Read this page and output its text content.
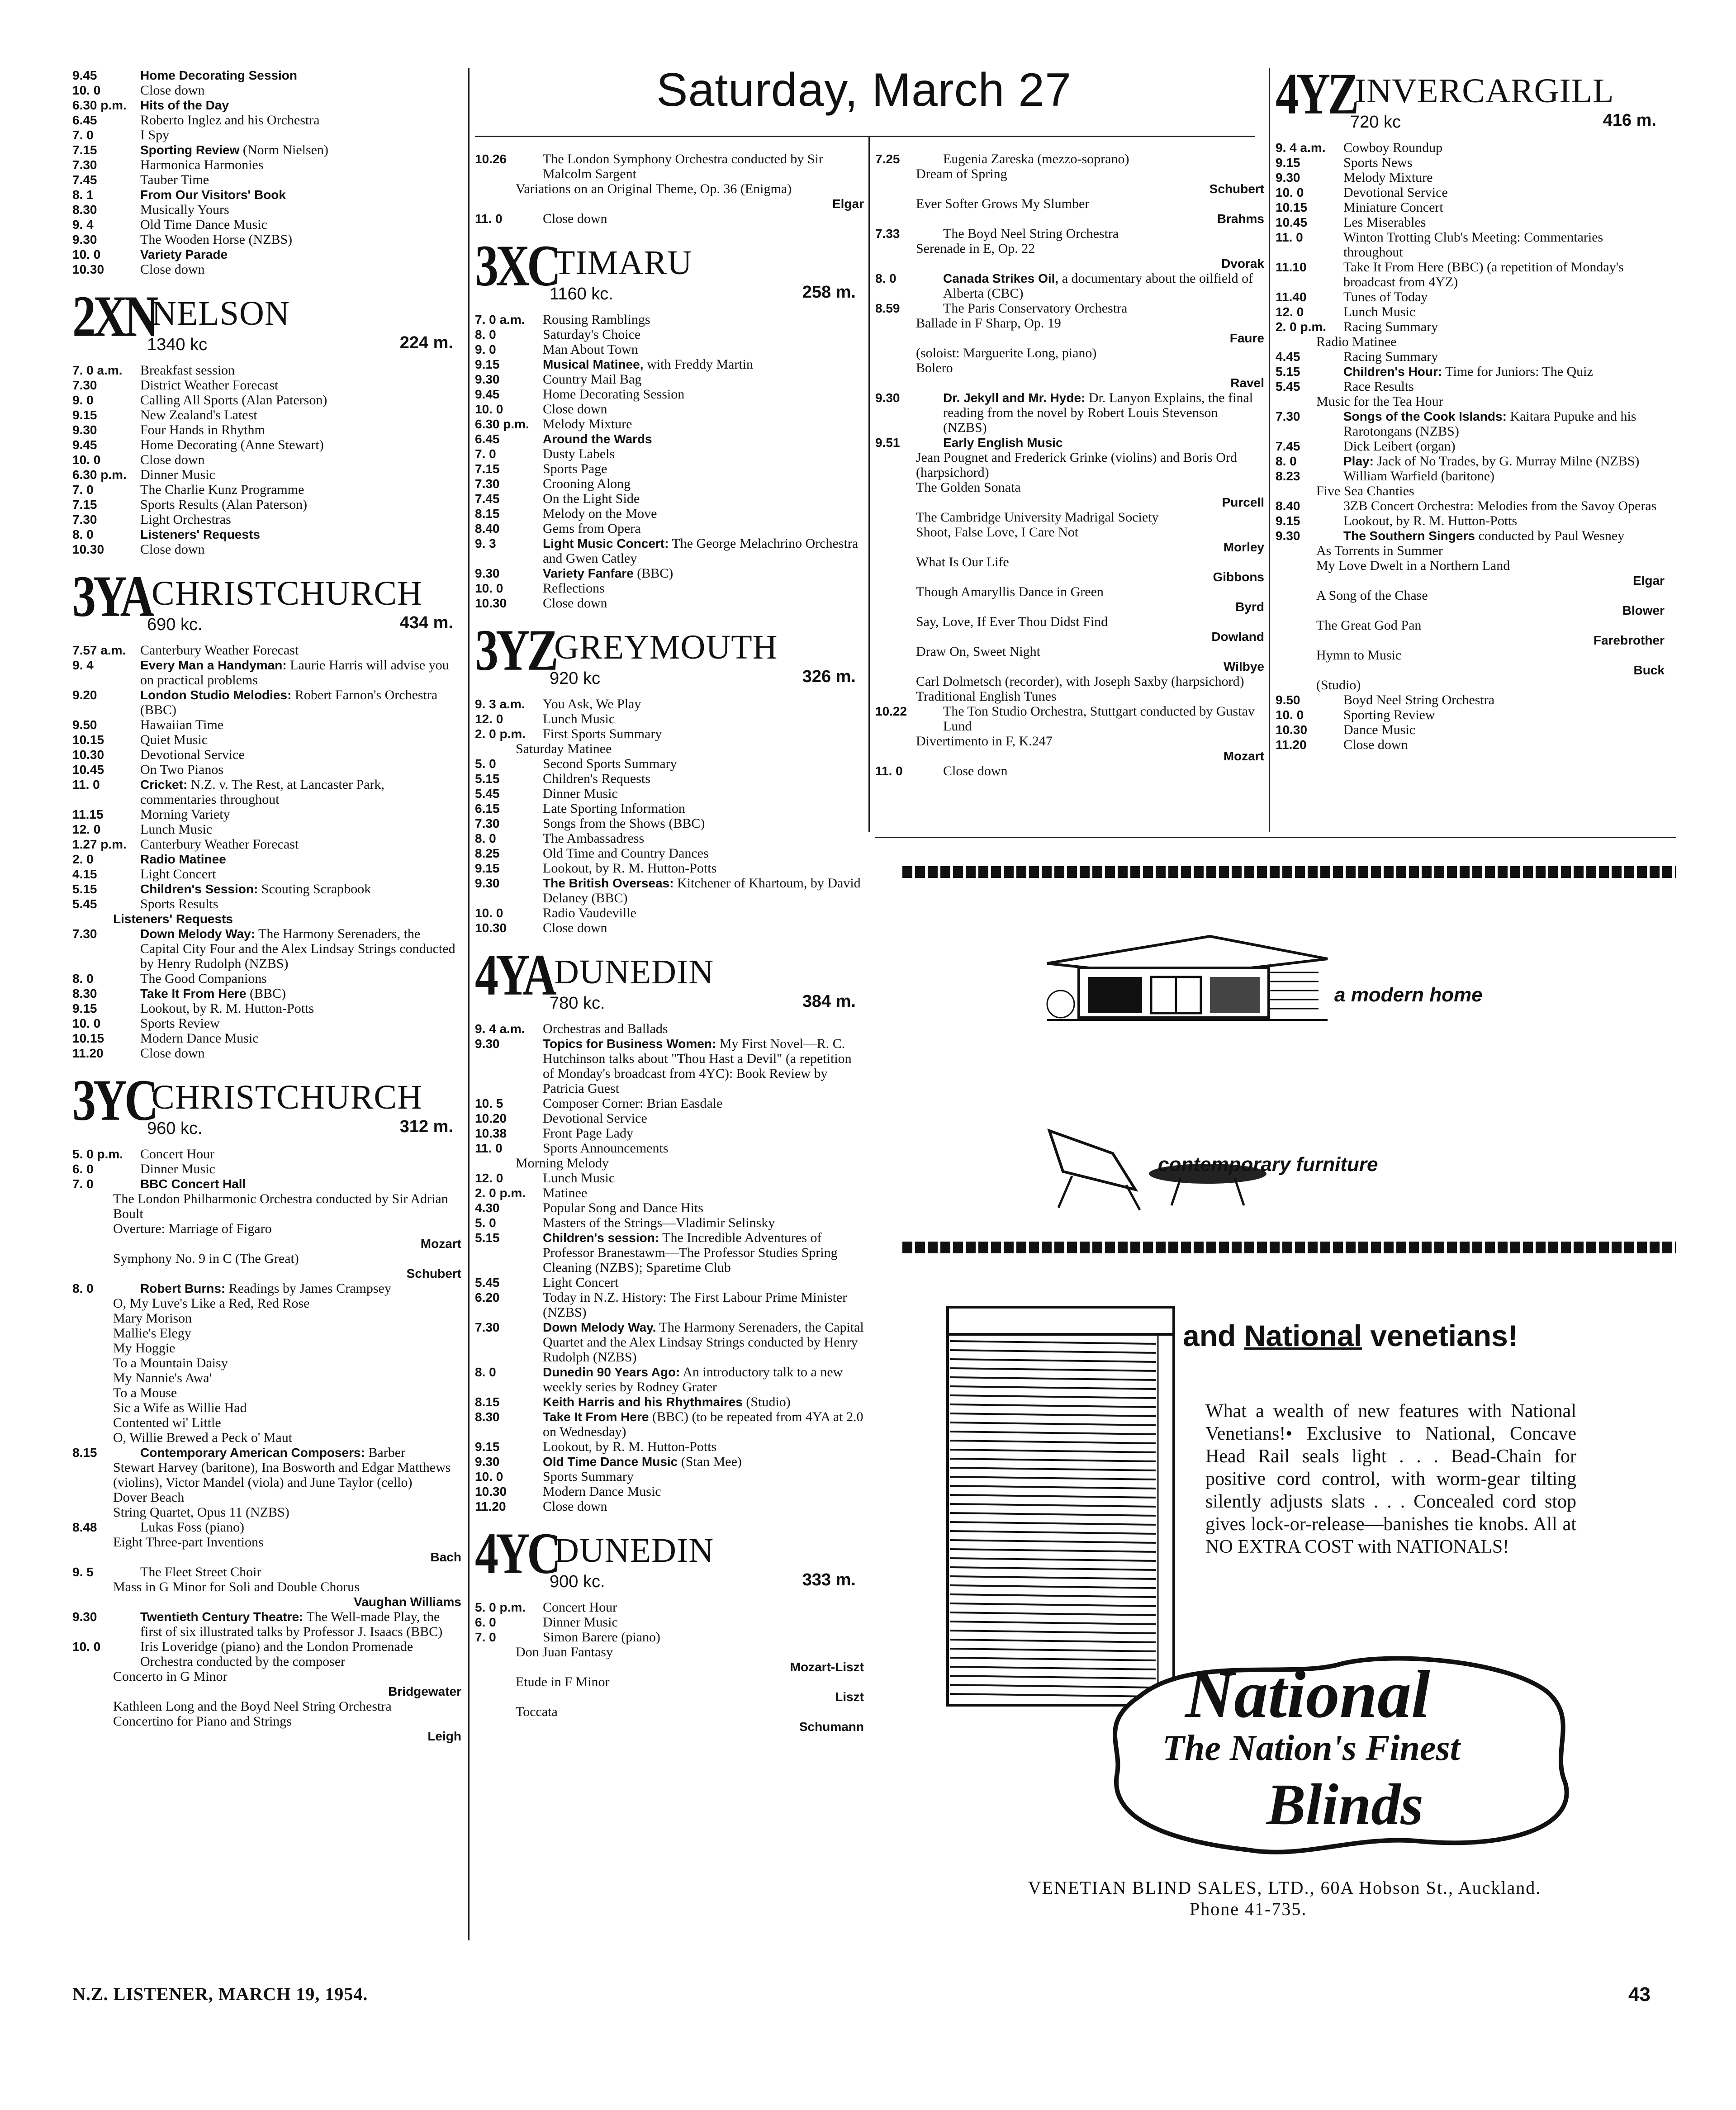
Saturday, March 27
9.45	Home Decorating Session
10. 0	Close down
6.30 p.m. Hits of the Day
6.45	Roberto Inglez and his Orchestra
7. 0	I Spy
7.15	Sporting Review (Norm Nielsen)
7.30	Harmonica Harmonies
7.45	Tauber Time
8. 1	From Our Visitors' Book
8.30	Musically Yours
9. 4	Old Time Dance Music
9.30	The Wooden Horse (NZBS)
10. 0	Variety Parade
10.30	Close down
2XN
NELSON
1340 kc	224 m.
7. 0 a.m. Breakfast session
7.30	District Weather Forecast
9. 0	Calling All Sports (Alan Paterson)
9.15	New Zealand's Latest
9.30	Four Hands in Rhythm
9.45	Home Decorating (Anne Stewart)
10. 0	Close down
6.30 p.m. Dinner Music
7. 0	The Charlie Kunz Programme
7.15	Sports Results (Alan Paterson)
7.30	Light Orchestras
8. 0	Listeners' Requests
10.30	Close down
3YA CHRISTCHURCH
690 kc.	434 m.
7.57 a.m. Canterbury Weather Forecast
9. 4	Every Man a Handyman: Laurie Harris will advise you on practical problems
9.20	London Studio Melodies: Robert Farnon's Orchestra (BBC)
9.50	Hawaiian Time
10.15	Quiet Music
10.30	Devotional Service
10.45	On Two Pianos
11. 0	Cricket: N.Z. v. The Rest, at Lancaster Park, commentaries throughout
11.15	Morning Variety
12. 0	Lunch Music
1.27 p.m. Canterbury Weather Forecast
2. 0	Radio Matinee
4.15	Light Concert
5.15	Children's Session: Scouting Scrapbook
5.45	Sports Results
Listeners' Requests
7.30	Down Melody Way: The Harmony Serenaders, the Capital City Four and the Alex Lindsay Strings conducted by Henry Rudolph (NZBS)
8. 0	The Good Companions
8.30	Take It From Here (BBC)
9.15	Lookout, by R. M. Hutton-Potts
10. 0	Sports Review
10.15	Modern Dance Music
11.20	Close down
3YC
CHRISTCHURCH
960 kc.	312 m.
5. 0 p.m. Concert Hour
6. 0	Dinner Music
7. 0	BBC Concert Hall
The London Philharmonic Orchestra conducted by Sir Adrian Boult
Overture: Marriage of Figaro
Mozart
Symphony No. 9 in C (The Great)
Schubert
8. 0	Robert Burns: Readings by James Crampsey
O, My Luve's Like a Red, Red Rose
Mary Morison
Mallie's Elegy
My Hoggie
To a Mountain Daisy
My Nannie's Awa'
To a Mouse
Sic a Wife as Willie Had
Contented wi' Little
O, Willie Brewed a Peck o' Maut
8.15	Contemporary American Composers: Barber
Stewart Harvey (baritone), Ina Bosworth and Edgar Matthews (violins), Victor Mandel (viola) and June Taylor (cello)
Dover Beach
String Quartet, Opus 11 (NZBS)
8.48	Lukas Foss (piano)
Eight Three-part Inventions
Bach
9. 5	The Fleet Street Choir
Mass in G Minor for Soli and Double Chorus
Vaughan Williams
9.30	Twentieth Century Theatre: The Well-made Play, the first of six illustrated talks by Professor J. Isaacs (BBC)
10. 0	Iris Loveridge (piano) and the London Promenade Orchestra conducted by the composer
Concerto in G Minor
Bridgewater
Kathleen Long and the Boyd Neel String Orchestra
Concertino for Piano and Strings
Leigh
10.26	The London Symphony Orchestra conducted by Sir Malcolm Sargent
Variations on an Original Theme, Op. 36 (Enigma)
Elgar
11. 0	Close down
3XC
TIMARU
1160 kc.	258 m.
7. 0 a.m. Rousing Ramblings
8. 0	Saturday's Choice
9. 0	Man About Town
9.15	Musical Matinee, with Freddy Martin
9.30	Country Mail Bag
9.45	Home Decorating Session
10. 0	Close down
6.30 p.m. Melody Mixture
6.45	Around the Wards
7. 0	Dusty Labels
7.15	Sports Page
7.30	Crooning Along
7.45	On the Light Side
8.15	Melody on the Move
8.40	Gems from Opera
9. 3	Light Music Concert: The George Melachrino Orchestra and Gwen Catley
9.30	Variety Fanfare (BBC)
10. 0	Reflections
10.30	Close down
3YZ
GREYMOUTH
920 kc	326 m.
9. 3 a.m. You Ask, We Play
12. 0	Lunch Music
2. 0 p.m. First Sports Summary
Saturday Matinee
5. 0	Second Sports Summary
5.15	Children's Requests
5.45	Dinner Music
6.15	Late Sporting Information
7.30	Songs from the Shows (BBC)
8. 0	The Ambassadress
8.25	Old Time and Country Dances
9.15	Lookout, by R. M. Hutton-Potts
9.30	The British Overseas: Kitchener of Khartoum, by David Delaney (BBC)
10. 0	Radio Vaudeville
10.30	Close down
4YA DUNEDIN
780 kc.	384 m.
9. 4 a.m. Orchestras and Ballads
9.30	Topics for Business Women: My First Novel—R. C. Hutchinson talks about "Thou Hast a Devil" (a repetition of Monday's broadcast from 4YC): Book Review by Patricia Guest
10. 5	Composer Corner: Brian Easdale
10.20	Devotional Service
10.38	Front Page Lady
11. 0	Sports Announcements
Morning Melody
12. 0	Lunch Music
2. 0 p.m. Matinee
4.30	Popular Song and Dance Hits
5. 0	Masters of the Strings—Vladimir Selinsky
5.15	Children's session: The Incredible Adventures of Professor Branestawm—The Professor Studies Spring Cleaning (NZBS); Sparetime Club
5.45	Light Concert
6.20	Today in N.Z. History: The First Labour Prime Minister (NZBS)
7.30	Down Melody Way. The Harmony Serenaders, the Capital Quartet and the Alex Lindsay Strings conducted by Henry Rudolph (NZBS)
8. 0	Dunedin 90 Years Ago: An introductory talk to a new weekly series by Rodney Grater
8.15	Keith Harris and his Rhythmaires (Studio)
8.30	Take It From Here (BBC) (to be repeated from 4YA at 2.0 on Wednesday)
9.15	Lookout, by R. M. Hutton-Potts
9.30	Old Time Dance Music (Stan Mee)
10. 0	Sports Summary
10.30	Modern Dance Music
11.20	Close down
4YC
DUNEDIN
900 kc.	333 m.
5. 0 p.m. Concert Hour
6. 0	Dinner Music
7. 0	Simon Barere (piano)
Don Juan Fantasy
Mozart-Liszt
Etude in F Minor
Liszt
Toccata
Schumann
7.25	Eugenia Zareska (mezzo-soprano)
Dream of Spring
Schubert
Ever Softer Grows My Slumber
Brahms
7.33	The Boyd Neel String Orchestra
Serenade in E, Op. 22
Dvorak
8. 0	Canada Strikes Oil, a documentary about the oilfield of Alberta (CBC)
8.59	The Paris Conservatory Orchestra
Ballade in F Sharp, Op. 19
Faure
(soloist: Marguerite Long, piano)
Bolero
Ravel
9.30	Dr. Jekyll and Mr. Hyde: Dr. Lanyon Explains, the final reading from the novel by Robert Louis Stevenson (NZBS)
9.51	Early English Music
Jean Pougnet and Frederick Grinke (violins) and Boris Ord (harpsichord)
The Golden Sonata
Purcell
The Cambridge University Madrigal Society
Shoot, False Love, I Care Not
Morley
What Is Our Life
Gibbons
Though Amaryllis Dance in Green
Byrd
Say, Love, If Ever Thou Didst Find
Dowland
Draw On, Sweet Night
Wilbye
Carl Dolmetsch (recorder), with Joseph Saxby (harpsichord)
Traditional English Tunes
10.22	The Ton Studio Orchestra, Stuttgart conducted by Gustav Lund
Divertimento in F, K.247
Mozart
11. 0	Close down
4YZ
INVERCARGILL
720 kc	416 m.
9. 4 a.m. Cowboy Roundup
9.15	Sports News
9.30	Melody Mixture
10. 0	Devotional Service
10.15	Miniature Concert
10.45	Les Miserables
11. 0	Winton Trotting Club's Meeting: Commentaries throughout
11.10	Take It From Here (BBC) (a repetition of Monday's broadcast from 4YZ)
11.40	Tunes of Today
12. 0	Lunch Music
2. 0 p.m. Racing Summary
Radio Matinee
4.45	Racing Summary
5.15	Children's Hour: Time for Juniors: The Quiz
5.45	Race Results
Music for the Tea Hour
7.30	Songs of the Cook Islands: Kaitara Pupuke and his Rarotongans (NZBS)
7.45	Dick Leibert (organ)
8. 0	Play: Jack of No Trades, by G. Murray Milne (NZBS)
8.23	William Warfield (baritone)
Five Sea Chanties
8.40	3ZB Concert Orchestra: Melodies from the Savoy Operas
9.15	Lookout, by R. M. Hutton-Potts
9.30	The Southern Singers conducted by Paul Wesney
As Torrents in Summer
My Love Dwelt in a Northern Land
Elgar
A Song of the Chase
Blower
The Great God Pan
Farebrother
Hymn to Music
Buck
(Studio)
9.50	Boyd Neel String Orchestra
10. 0	Sporting Review
10.30	Dance Music
11.20	Close down
a modern home
contemporary furniture
and National venetians!
What a wealth of new features with National Venetians!• Exclusive to National, Concave Head Rail seals light . . . Bead-Chain for positive cord control, with worm-gear tilting silently adjusts slats . . . Concealed cord stop gives lock-or-release—banishes tie knobs. All at NO EXTRA COST with NATIONALS!
National
The Nation's Finest
Blinds
VENETIAN BLIND SALES, LTD., 60A Hobson St., Auckland.
Phone 41-735.
N.Z. LISTENER, MARCH 19, 1954.	43
